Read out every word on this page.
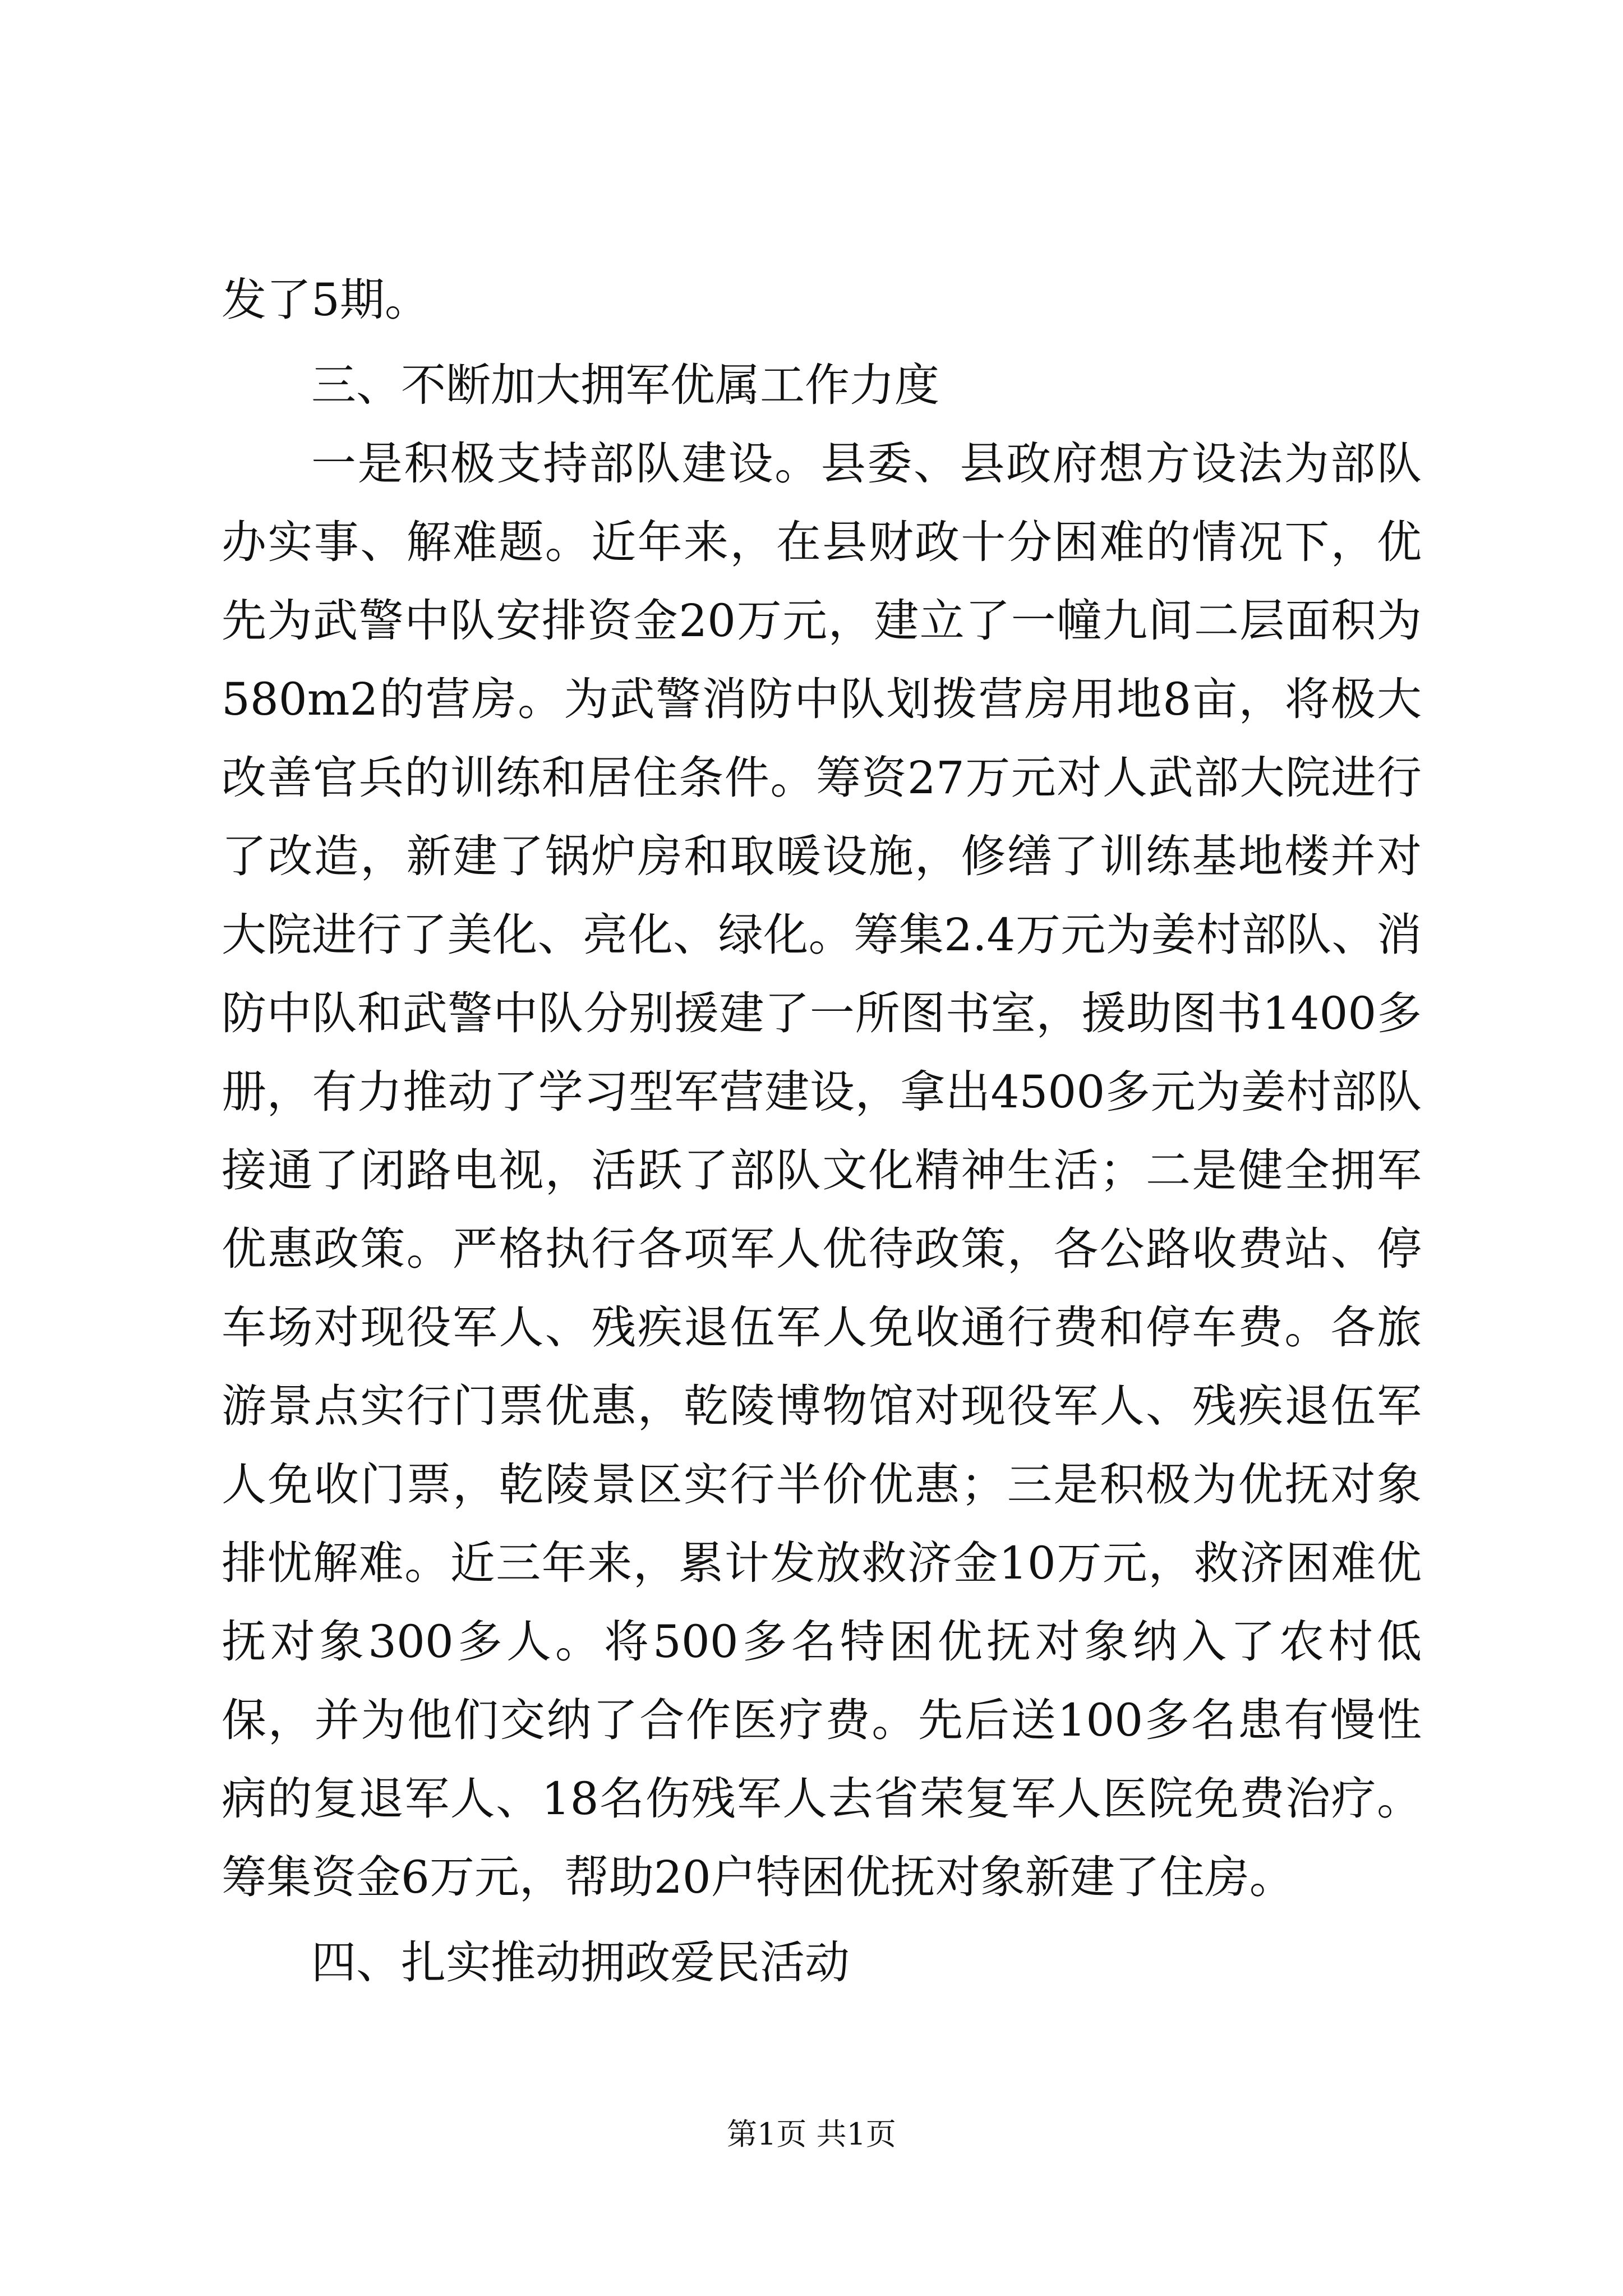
发了5期。

三、不断加大拥军优属工作力度

一是积极支持部队建设。县委、县政府想方设法为部队办实事、解难题。近年来，在县财政十分困难的情况下，优先为武警中队安排资金20万元，建立了一幢九间二层面积为580m2的营房。为武警消防中队划拨营房用地8亩，将极大改善官兵的训练和居住条件。筹资27万元对人武部大院进行了改造，新建了锅炉房和取暖设施，修缮了训练基地楼并对大院进行了美化、亮化、绿化。筹集2.4万元为姜村部队、消防中队和武警中队分别援建了一所图书室，援助图书1400多册，有力推动了学习型军营建设，拿出4500多元为姜村部队接通了闭路电视，活跃了部队文化精神生活；二是健全拥军优惠政策。严格执行各项军人优待政策，各公路收费站、停车场对现役军人、残疾退伍军人免收通行费和停车费。各旅游景点实行门票优惠，乾陵博物馆对现役军人、残疾退伍军人免收门票，乾陵景区实行半价优惠；三是积极为优抚对象排忧解难。近三年来，累计发放救济金10万元，救济困难优抚对象300多人。将500多名特困优抚对象纳入了农村低保，并为他们交纳了合作医疗费。先后送100多名患有慢性病的复退军人、18名伤残军人去省荣复军人医院免费治疗。筹集资金6万元，帮助20户特困优抚对象新建了住房。

四、扎实推动拥政爱民活动

第1页 共1页
